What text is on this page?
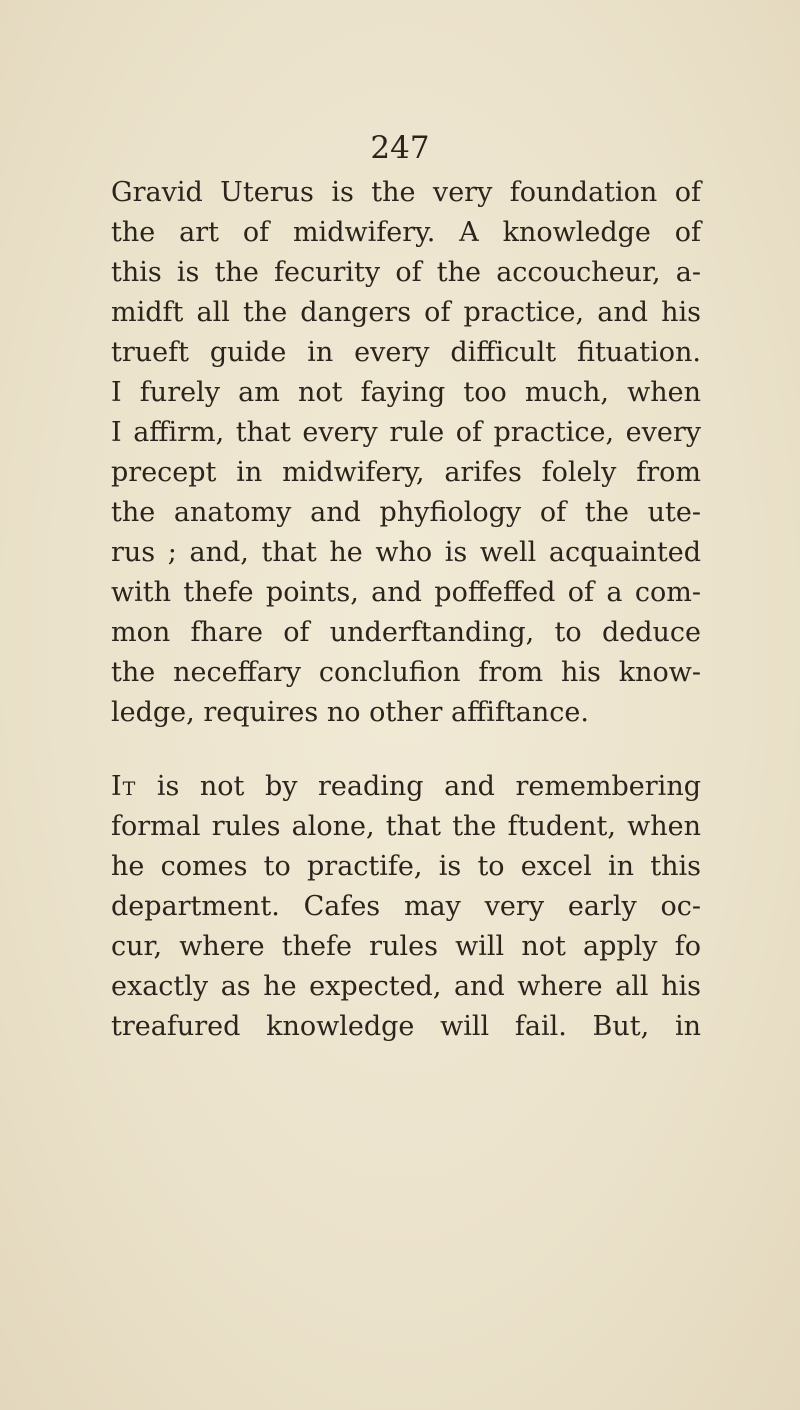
247
Gravid Uterus is the very foundation of
the art of midwifery. A knowledge of
this is the fecurity of the accoucheur, a-
midft all the dangers of practice, and his
trueft guide in every difficult fituation.
I furely am not faying too much, when
I affirm, that every rule of practice, every
precept in midwifery, arifes folely from
the anatomy and phyfiology of the ute-
rus ; and, that he who is well acquainted
with thefe points, and poffeffed of a com-
mon fhare of underftanding, to deduce
the neceffary conclufion from his know-
ledge, requires no other affiftance.
It is not by reading and remembering
formal rules alone, that the ftudent, when
he comes to practife, is to excel in this
department. Cafes may very early oc-
cur, where thefe rules will not apply fo
exactly as he expected, and where all his
treafured knowledge will fail. But, in
